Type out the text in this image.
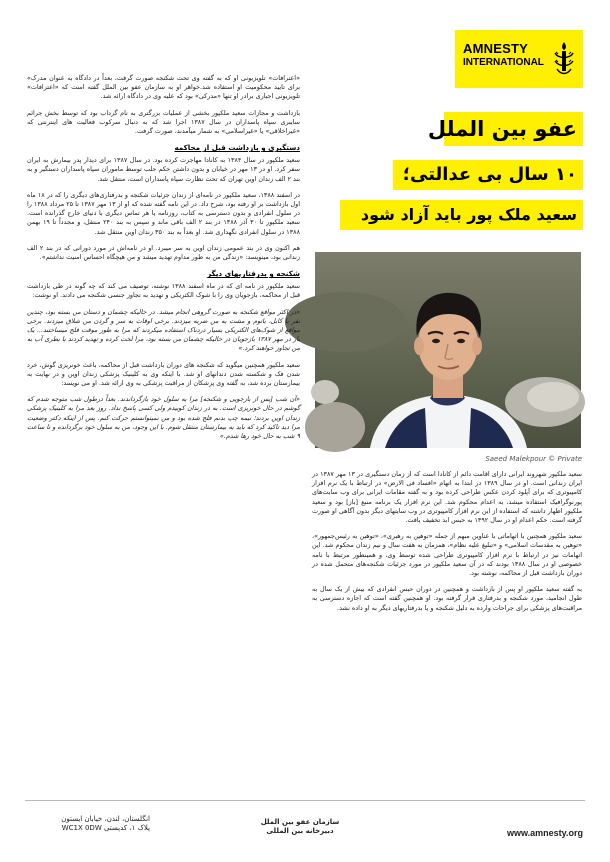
AMNESTY
INTERNATIONAL
عفو بین الملل
۱۰ سال بی عدالتی؛
سعید ملک پور باید آزاد شود
Saeed Malekpour © Private

«اعترافات» تلویزیونی او که به گفته وی تحت شکنجه صورت گرفت، بعداً در دادگاه به عنوان مدرک» برای تایید محکومیت او استفاده شد.خواهر او به سازمان عفو بین الملل گفته است که «اعترافات» تلویزیونی اجباری برادر او تنها «مدرکی» بود که علیه وی در دادگاه ارائه شد.

بازداشت و مجازات سعید ملکپور بخشی از عملیات بزرگتری به نام گرداب بود که توسط بخش جرائم سایبری سپاه پاسداران در سال ۱۳۸۷ اجرا شد که به دنبال سرکوب فعالیت های اینترنتی که «غیراخلاقی» یا «غیراسلامی» به شمار میآمدند، صورت گرفت.

دستگیری و بازداشت قبل از محاکمه

سعید ملکپور در سال ۱۳۸۴ به کانادا مهاجرت کرده بود. در سال ۱۳۸۷ برای دیدار پدر بیمارش به ایران سفر کرد. او در ۱۳ مهر در خیابان و بدون داشتن حکم جلب توسط ماموران سپاه پاسداران دستگیر و به بند ۲ الف زندان اوین تهران که تحت نظارت سپاه پاسداران است، منتقل شد.

در اسفند ۱۳۸۸، سعید ملکپور در نامه‌ای از زندان جزئیات شکنجه و بدرفتاری‌های دیگری را که در ۱۸ ماه اول بازداشت بر او رفته بود، شرح داد. در این نامه گفته شده که او از ۱۳ مهر ۱۳۸۷ تا ۲۵ مرداد ۱۳۸۸ را در سلول انفرادی و بدون دسترسی به کتاب، روزنامه یا هر تماس دیگری با دنیای خارج گذرانده است. سعید ملکپور تا ۳۰ آذر ۱۳۸۸ در بند ۲ الف باقی ماند و سپس به بند ۲۴۰ منتقل، و مجدداً تا ۱۹ بهمن ۱۳۸۸ در سلول انفرادی نگهداری شد. او بعداً به بند ۳۵۰ زندان اوین منتقل شد.

هم اکنون وی در بند عمومی زندان اوین به سر میبرد. او در نامه‌اش در مورد دورانی که در بند ۲ الف زندانی بود، مینویسد: «زندگی من به طور مداوم تهدید میشد و من هیچگاه احساس امنیت نداشتم».

شکنجه و بدرفتاریهای دیگر

سعید ملکپور در نامه ای که در ماه اسفند ۱۳۸۸ نوشته، توصیف می کند که چه گونه در طی بازداشت قبل از محاکمه، بازجویان وی را با شوک الکتریکی و تهدید به تجاوز جنسی شکنجه می دادند. او نوشت:

«در اکثر مواقع شکنجه به صورت گروهی انجام میشد. در حالیکه چشمان و دستان من بسته بود، چندین نفر با کابل، باتوم و مشت به من ضربه میزدند. برخی اوقات به سر و گردن من شلاق میزدند. برخی مواقع از شوک‌های الکتریکی بسیار دردناک استفاده میکردند که مرا به طور موقت فلج میساختند... یک بار در مهر ۱۳۸۷ بازجویان در حالیکه چشمان من بسته بود، مرا لخت کرده و تهدید کردند با بطری آب به من تجاوز خواهند کرد.»

سعید ملکپور همچنین میگوید که شکنجه های دوران بازداشت قبل از محاکمه، باعث خونریزی گوش، خرد شدن فک و شکسته شدن دندانهای او شد. با اینکه وی به کلینیک پزشکی زندان اوین و در نهایت به بیمارستان برده شد، به گفته وی پزشکان از مراقبت پزشکی به وی ارائه شد. او می نویسد:

«آن شب [پس از بازجویی و شکنجه] مرا به سلول خود بازگرداندند. بعداً درطول شب متوجه شدم که گوشم در حال خونریزی است. به در زندان کوبیدم ولی کسی پاسخ نداد. روز بعد مرا به کلینیک پزشکی زندان اوین بردند؛ نیمه چپ بدنم فلج شده بود و من نمیتوانستم حرکت کنم. پس از اینکه دکتر وضعیت مرا دید تاکید کرد که باید به بیمارستان منتقل شوم. با این وجود، من به سلول خود برگردانده و تا ساعت ۹ شب به حال خود رها شدم.»

سعید ملکپور شهروند ایرانی دارای اقامت دائم از کانادا است که از زمان دستگیری در ۱۳ مهر ۱۳۸۷ در ایران زندانی است. او در سال ۱۳۸۹ در ابتدا به اتهام «افساد فی الارض» در ارتباط با یک نرم افزار کامپیوتری که برای آپلود کردن عکس طراحی کرده بود و به گفته مقامات ایرانی برای وب سایت‌های پورنوگرافیک استفاده میشد، به اعدام محکوم شد. این نرم افزار یک برنامه منبع [باز] بود و سعید ملکپور اظهار داشته که استفاده از این نرم افزار کامپیوتری در وب سایتهای دیگر بدون آگاهی او صورت گرفته است. حکم اعدام او در سال ۱۳۹۲ به حبس ابد تخفیف یافت.

سعید ملکپور همچنین با اتهاماتی با عناوین مبهم از جمله «توهین به رهبری»، «توهین به رئیس‌جمهور»، «توهین به مقدسات اسلامی» و «تبلیغ علیه نظام»، همزمان به هفت سال و نیم زندان محکوم شد. این اتهامات نیز در ارتباط با نرم افزار کامپیوتری طراحی شده توسط وی، و همینطور مرتبط با نامه خصوصی او در سال ۱۳۸۸ بودند که در آن سعید ملکپور در مورد جزئیات شکنجه‌های متحمل شده در دوران بازداشت قبل از محاکمه، نوشته بود.

به گفته سعید ملکپور او پس از بازداشت و همچنین در دوران حبس انفرادی که بیش از یک سال به طول انجامید، مورد شکنجه و بدرفتاری قرار گرفته بود. او همچنین گفته است که اجازه دسترسی به مراقبت‌های پزشکی برای جراحات وارده به دلیل شکنجه و یا بدرفتاریهای دیگر به او داده نشد.

انگلستان، لندن، خیابان ایستون
پلاک ۱، کدپستی WC1X 0DW
سازمان عفو بین الملل
دبیرخانه بین المللی	www.amnesty.org
